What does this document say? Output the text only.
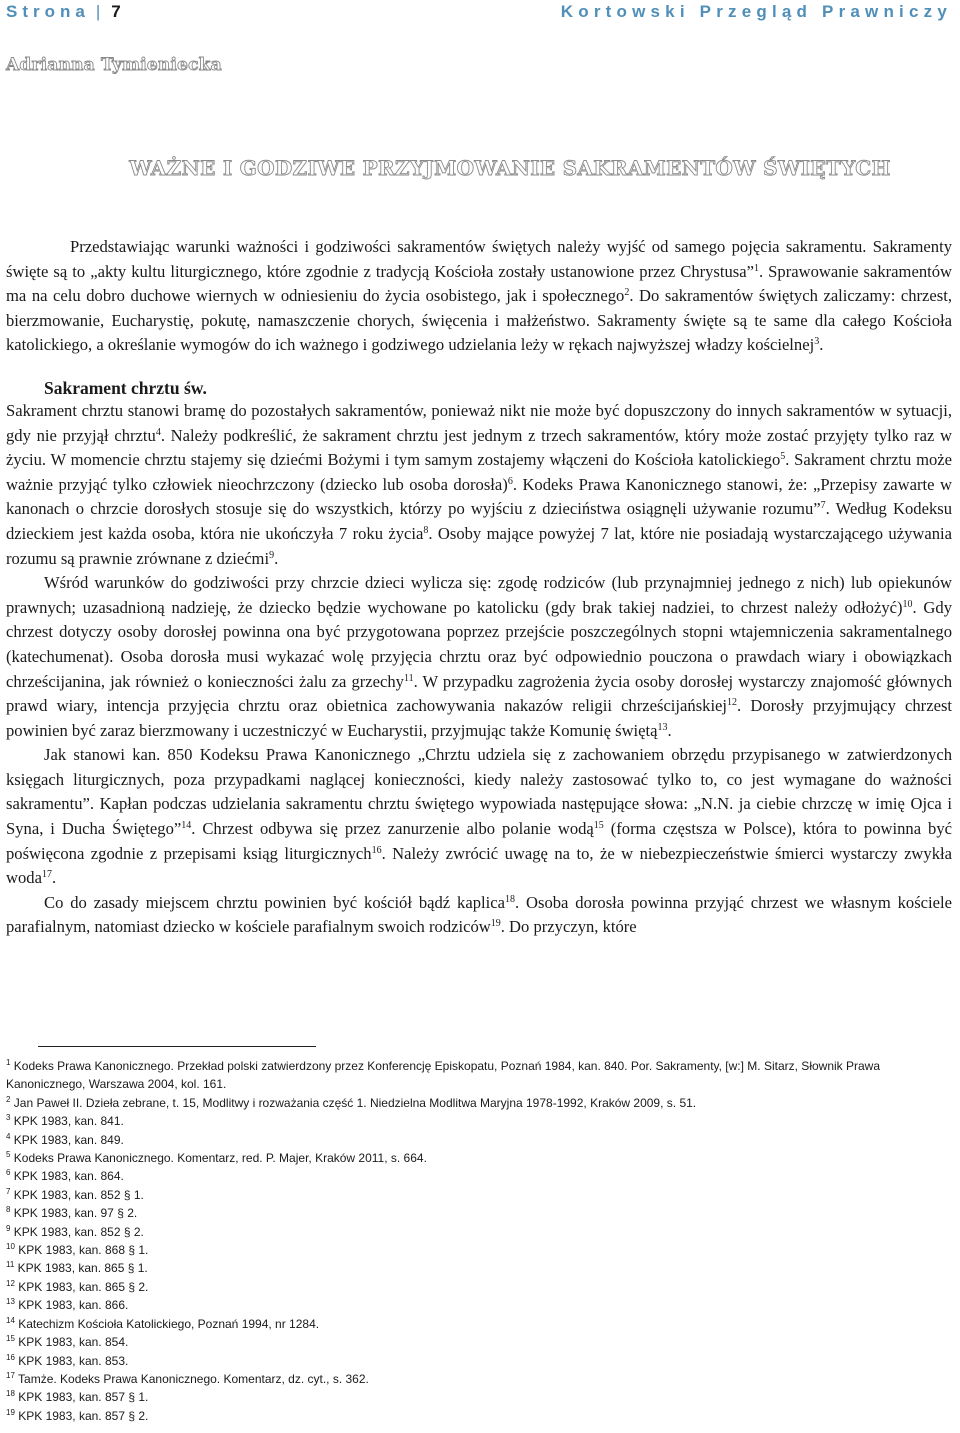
Strona | 7	Kortowski Przegląd Prawniczy
Adrianna Tymieniecka
WAŻNE I GODZIWE PRZYJMOWANIE SAKRAMENTÓW ŚWIĘTYCH

Przedstawiając warunki ważności i godziwości sakramentów świętych należy wyjść od samego pojęcia sakramentu. Sakramenty święte są to „akty kultu liturgicznego, które zgodnie z tradycją Kościoła zostały ustanowione przez Chrystusa”$^1$. Sprawowanie sakramentów ma na celu dobro duchowe wiernych w odniesieniu do życia osobistego, jak i społecznego$^2$. Do sakramentów świętych zaliczamy: chrzest, bierzmowanie, Eucharystię, pokutę, namaszczenie chorych, święcenia i małżeństwo. Sakramenty święte są te same dla całego Kościoła katolickiego, a określanie wymogów do ich ważnego i godziwego udzielania leży w rękach najwyższej władzy kościelnej$^3$.

Sakrament chrztu św.

Sakrament chrztu stanowi bramę do pozostałych sakramentów, ponieważ nikt nie może być dopuszczony do innych sakramentów w sytuacji, gdy nie przyjął chrztu$^4$. Należy podkreślić, że sakrament chrztu jest jednym z trzech sakramentów, który może zostać przyjęty tylko raz w życiu. W momencie chrztu stajemy się dziećmi Bożymi i tym samym zostajemy włączeni do Kościoła katolickiego$^5$. Sakrament chrztu może ważnie przyjąć tylko człowiek nieochrzczony (dziecko lub osoba dorosła)$^6$. Kodeks Prawa Kanonicznego stanowi, że: „Przepisy zawarte w kanonach o chrzcie dorosłych stosuje się do wszystkich, którzy po wyjściu z dzieciństwa osiągnęli używanie rozumu”$^7$. Według Kodeksu dzieckiem jest każda osoba, która nie ukończyła 7 roku życia$^8$. Osoby mające powyżej 7 lat, które nie posiadają wystarczającego używania rozumu są prawnie zrównane z dziećmi$^9$.

Wśród warunków do godziwości przy chrzcie dzieci wylicza się: zgodę rodziców (lub przynajmniej jednego z nich) lub opiekunów prawnych; uzasadnioną nadzieję, że dziecko będzie wychowane po katolicku (gdy brak takiej nadziei, to chrzest należy odłożyć)$^{10}$. Gdy chrzest dotyczy osoby dorosłej powinna ona być przygotowana poprzez przejście poszczególnych stopni wtajemniczenia sakramentalnego (katechumenat). Osoba dorosła musi wykazać wolę przyjęcia chrztu oraz być odpowiednio pouczona o prawdach wiary i obowiązkach chrześcijanina, jak również o konieczności żalu za grzechy$^{11}$. W przypadku zagrożenia życia osoby dorosłej wystarczy znajomość głównych prawd wiary, intencja przyjęcia chrztu oraz obietnica zachowywania nakazów religii chrześcijańskiej$^{12}$. Dorosły przyjmujący chrzest powinien być zaraz bierzmowany i uczestniczyć w Eucharystii, przyjmując także Komunię świętą$^{13}$.

Jak stanowi kan. 850 Kodeksu Prawa Kanonicznego „Chrztu udziela się z zachowaniem obrzędu przypisanego w zatwierdzonych księgach liturgicznych, poza przypadkami naglącej konieczności, kiedy należy zastosować tylko to, co jest wymagane do ważności sakramentu”. Kapłan podczas udzielania sakramentu chrztu świętego wypowiada następujące słowa: „N.N. ja ciebie chrzczę w imię Ojca i Syna, i Ducha Świętego”$^{14}$. Chrzest odbywa się przez zanurzenie albo polanie wodą$^{15}$ (forma częstsza w Polsce), która to powinna być poświęcona zgodnie z przepisami ksiąg liturgicznych$^{16}$. Należy zwrócić uwagę na to, że w niebezpieczeństwie śmierci wystarczy zwykła woda$^{17}$.

Co do zasady miejscem chrztu powinien być kościół bądź kaplica$^{18}$. Osoba dorosła powinna przyjąć chrzest we własnym kościele parafialnym, natomiast dziecko w kościele parafialnym swoich rodziców$^{19}$. Do przyczyn, które

$^1$ Kodeks Prawa Kanonicznego. Przekład polski zatwierdzony przez Konferencję Episkopatu, Poznań 1984, kan. 840. Por. Sakramenty, [w:] M. Sitarz, Słownik Prawa Kanonicznego, Warszawa 2004, kol. 161.

$^2$ Jan Paweł II. Dzieła zebrane, t. 15, Modlitwy i rozważania część 1. Niedzielna Modlitwa Maryjna 1978-1992, Kraków 2009, s. 51.

$^3$ KPK 1983, kan. 841.

$^4$ KPK 1983, kan. 849.

$^5$ Kodeks Prawa Kanonicznego. Komentarz, red. P. Majer, Kraków 2011, s. 664.

$^6$ KPK 1983, kan. 864.

$^7$ KPK 1983, kan. 852 § 1.

$^8$ KPK 1983, kan. 97 § 2.

$^9$ KPK 1983, kan. 852 § 2.

$^{10}$ KPK 1983, kan. 868 § 1.

$^{11}$ KPK 1983, kan. 865 § 1.

$^{12}$ KPK 1983, kan. 865 § 2.

$^{13}$ KPK 1983, kan. 866.

$^{14}$ Katechizm Kościoła Katolickiego, Poznań 1994, nr 1284.

$^{15}$ KPK 1983, kan. 854.

$^{16}$ KPK 1983, kan. 853.

$^{17}$ Tamże. Kodeks Prawa Kanonicznego. Komentarz, dz. cyt., s. 362.

$^{18}$ KPK 1983, kan. 857 § 1.

$^{19}$ KPK 1983, kan. 857 § 2.
